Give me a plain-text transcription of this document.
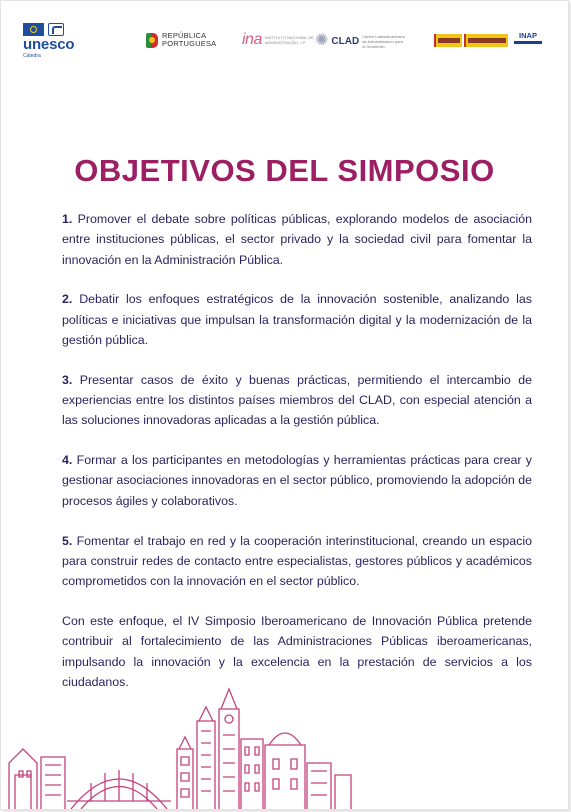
unesco
Cátedra
REPÚBLICA
PORTUGUESA ina INSTITUTO NACIONAL DE ADMINISTRAÇÃO, I.P. ✺ CLAD Centro Latinoamericano de Administración para el Desarrollo
INAP
OBJETIVOS DEL SIMPOSIO

1. Promover el debate sobre políticas públicas, explorando modelos de asociación entre instituciones públicas, el sector privado y la sociedad civil para fomentar la innovación en la Administración Pública.

2. Debatir los enfoques estratégicos de la innovación sostenible, analizando las políticas e iniciativas que impulsan la transformación digital y la modernización de la gestión pública.

3. Presentar casos de éxito y buenas prácticas, permitiendo el intercambio de experiencias entre los distintos países miembros del CLAD, con especial atención a las soluciones innovadoras aplicadas a la gestión pública.

4. Formar a los participantes en metodologías y herramientas prácticas para crear y gestionar asociaciones innovadoras en el sector público, promoviendo la adopción de procesos ágiles y colaborativos.

5. Fomentar el trabajo en red y la cooperación interinstitucional, creando un espacio para construir redes de contacto entre especialistas, gestores públicos y académicos comprometidos con la innovación en el sector público.

Con este enfoque, el IV Simposio Iberoamericano de Innovación Pública pretende contribuir al fortalecimiento de las Administraciones Públicas iberoamericanas, impulsando la innovación y la excelencia en la prestación de servicios a los ciudadanos.
